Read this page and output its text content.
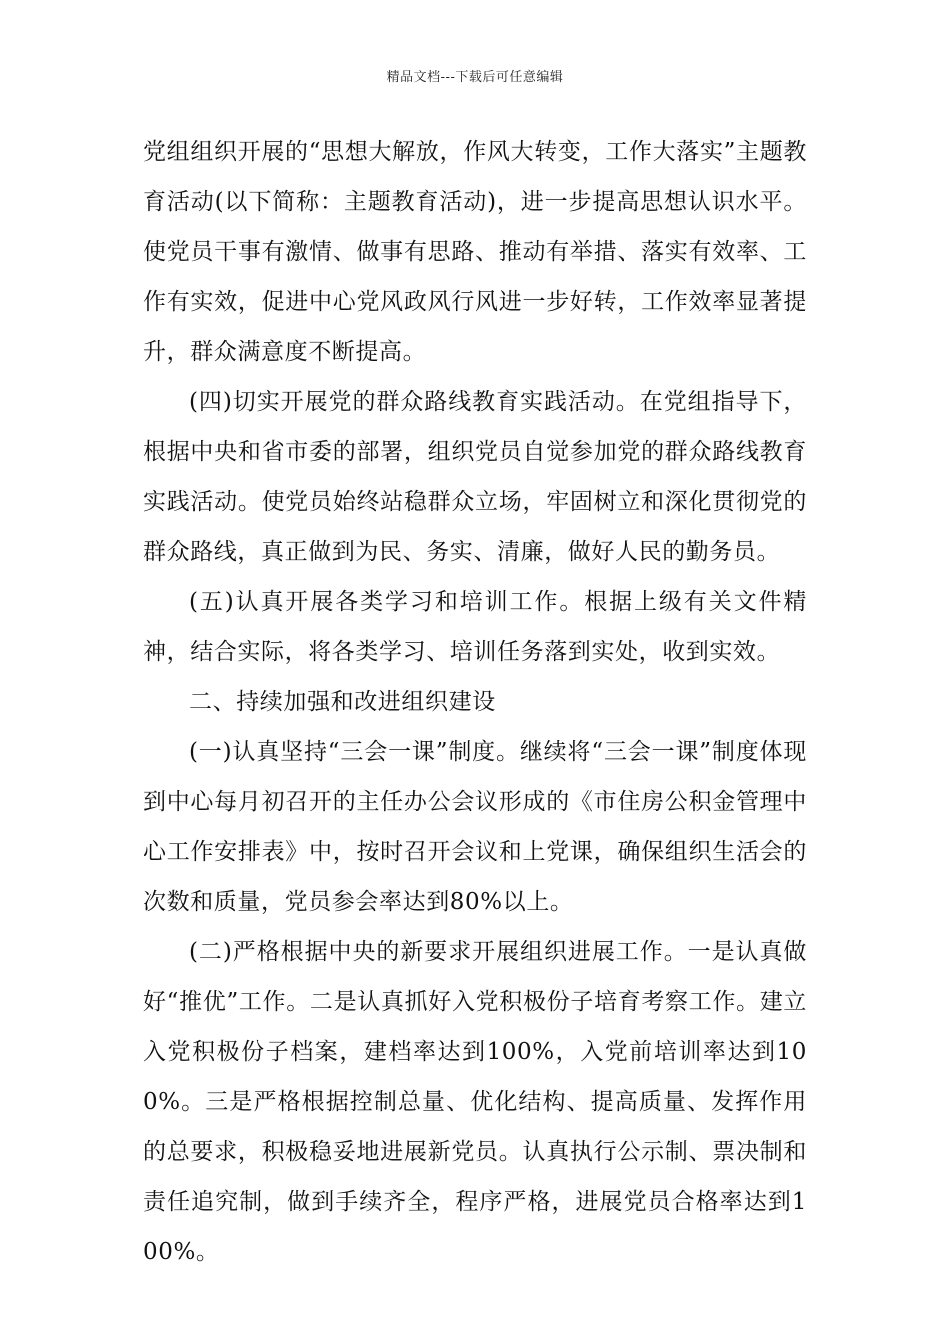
精品文档---下载后可任意编辑

党组组织开展的“思想大解放，作风大转变，工作大落实”主题教育活动(以下简称：主题教育活动)，进一步提高思想认识水平。使党员干事有激情、做事有思路、推动有举措、落实有效率、工作有实效，促进中心党风政风行风进一步好转，工作效率显著提升，群众满意度不断提高。

(四)切实开展党的群众路线教育实践活动。在党组指导下，根据中央和省市委的部署，组织党员自觉参加党的群众路线教育实践活动。使党员始终站稳群众立场，牢固树立和深化贯彻党的群众路线，真正做到为民、务实、清廉，做好人民的勤务员。

(五)认真开展各类学习和培训工作。根据上级有关文件精神，结合实际，将各类学习、培训任务落到实处，收到实效。

二、持续加强和改进组织建设

(一)认真坚持“三会一课”制度。继续将“三会一课”制度体现到中心每月初召开的主任办公会议形成的《市住房公积金管理中心工作安排表》中，按时召开会议和上党课，确保组织生活会的次数和质量，党员参会率达到80%以上。

(二)严格根据中央的新要求开展组织进展工作。一是认真做好“推优”工作。二是认真抓好入党积极份子培育考察工作。建立入党积极份子档案，建档率达到100%，入党前培训率达到100%。三是严格根据控制总量、优化结构、提高质量、发挥作用的总要求，积极稳妥地进展新党员。认真执行公示制、票决制和责任追究制，做到手续齐全，程序严格，进展党员合格率达到100%。
